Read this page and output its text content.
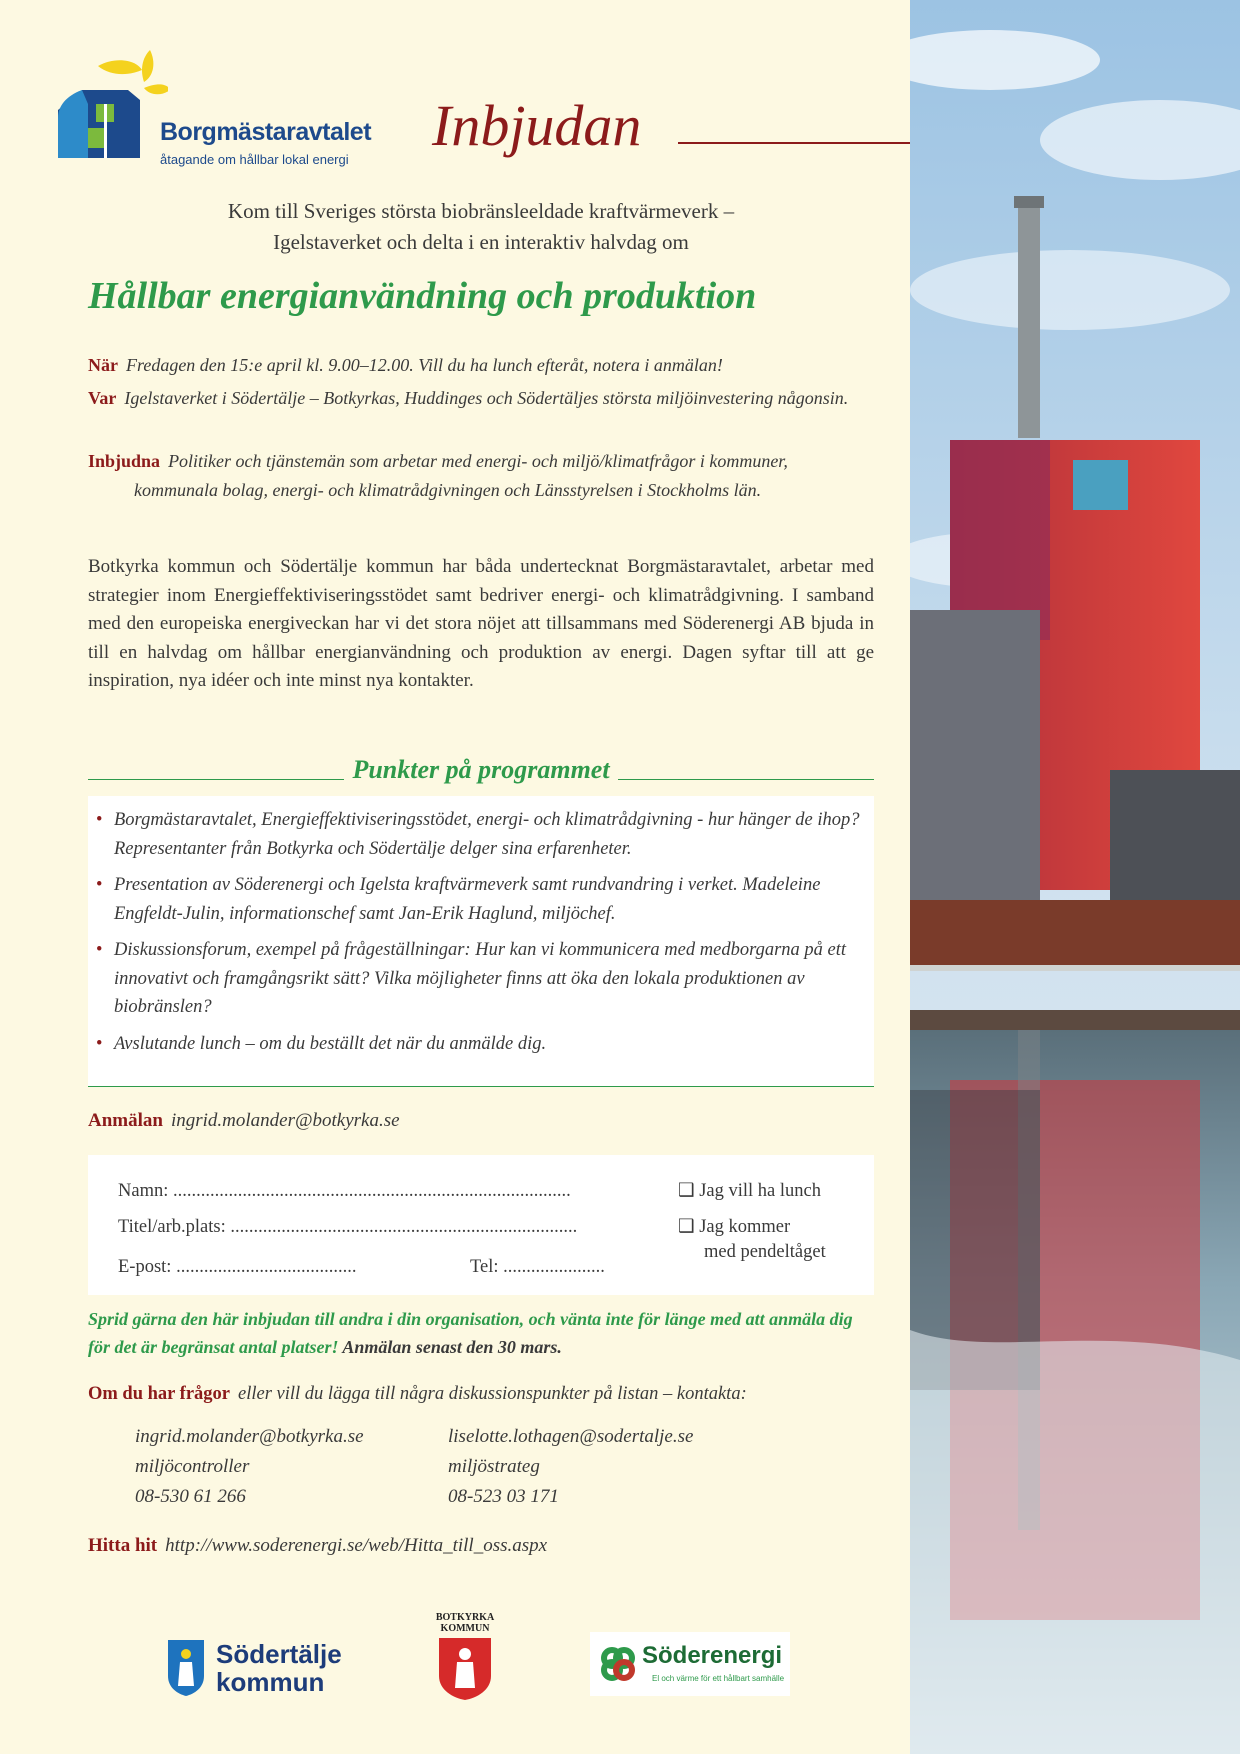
Borgmästaravtalet
åtagande om hållbar lokal energi
Inbjudan
Kom till Sveriges största biobränsleeldade kraftvärmeverk –
Igelstaverket och delta i en interaktiv halvdag om
Hållbar energianvändning och produktion
När Fredagen den 15:e april kl. 9.00–12.00. Vill du ha lunch efteråt, notera i anmälan!
Var Igelstaverket i Södertälje – Botkyrkas, Huddinges och Södertäljes största miljöinvestering någonsin.
Inbjudna Politiker och tjänstemän som arbetar med energi- och miljö/klimatfrågor i kommuner, kommunala bolag, energi- och klimatrådgivningen och Länsstyrelsen i Stockholms län.
Botkyrka kommun och Södertälje kommun har båda undertecknat Borgmästaravtalet, arbetar med strategier inom Energieffektiviseringsstödet samt bedriver energi- och klimatrådgivning. I samband med den europeiska energiveckan har vi det stora nöjet att tillsammans med Söderenergi AB bjuda in till en halvdag om hållbar energianvändning och produktion av energi. Dagen syftar till att ge inspiration, nya idéer och inte minst nya kontakter.
Punkter på programmet
• Borgmästaravtalet, Energieffektiviseringsstödet, energi- och klimatrådgivning - hur hänger de ihop? Representanter från Botkyrka och Södertälje delger sina erfarenheter.
• Presentation av Söderenergi och Igelsta kraftvärmeverk samt rundvandring i verket. Madeleine Engfeldt-Julin, informationschef samt Jan-Erik Haglund, miljöchef.
• Diskussionsforum, exempel på frågeställningar: Hur kan vi kommunicera med medborgarna på ett innovativt och framgångsrikt sätt? Vilka möjligheter finns att öka den lokala produktionen av biobränslen?
• Avslutande lunch – om du beställt det när du anmälde dig.
Anmälan ingrid.molander@botkyrka.se
Namn: ......................................................................................
Titel/arb.plats: ...........................................................................
E-post: .......................................	Tel: ......................
❑ Jag vill ha lunch
❑ Jag kommer
med pendeltåget
Sprid gärna den här inbjudan till andra i din organisation, och vänta inte för länge med att anmäla dig för det är begränsat antal platser! Anmälan senast den 30 mars.
Om du har frågor eller vill du lägga till några diskussionspunkter på listan – kontakta:
ingrid.molander@botkyrka.se
miljöcontroller
08-530 61 266
liselotte.lothagen@sodertalje.se
miljöstrateg
08-523 03 171
Hitta hit http://www.soderenergi.se/web/Hitta_till_oss.aspx
Södertälje
kommun
BOTKYRKA
KOMMUN
Söderenergi
El och värme för ett hållbart samhälle
